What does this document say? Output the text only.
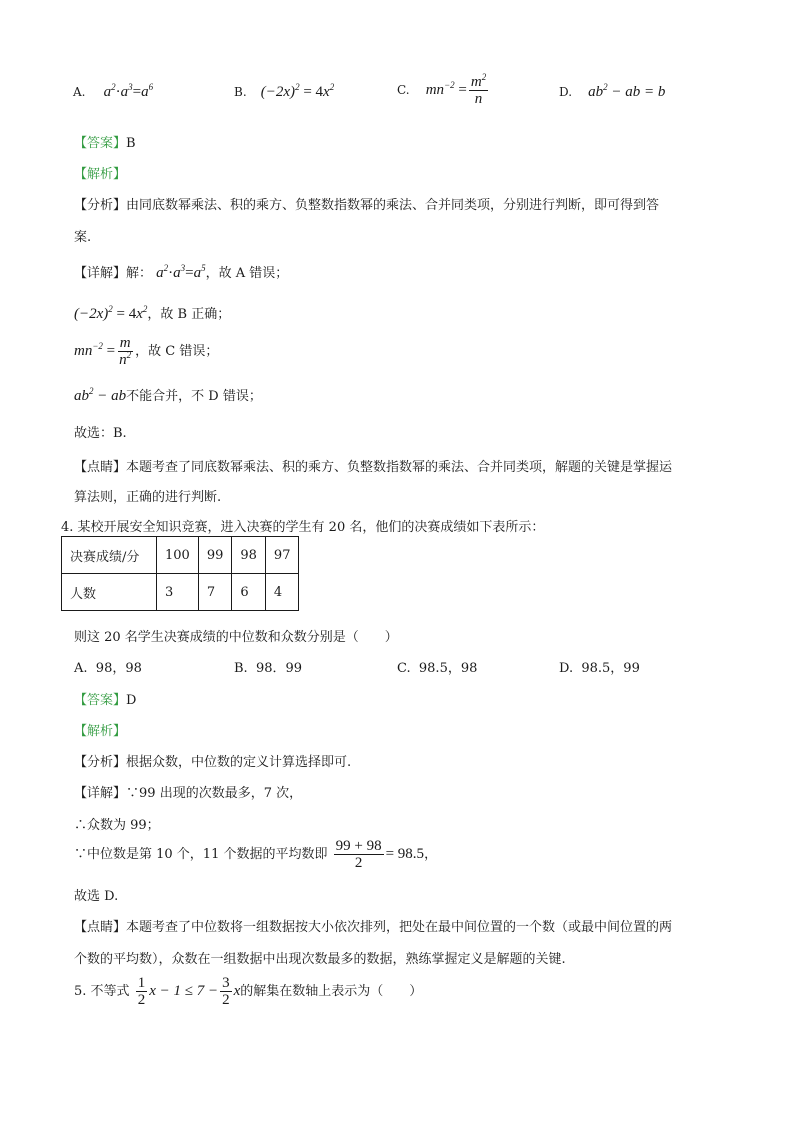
A. $a^2\cdot a^3=a^6$	B. $(-2x)^2 = 4x^2$	C. $mn^{-2} = \frac{m^2}{n}$	D. $ab^2$ − ab = b
【答案】B
【解析】
【分析】由同底数幂乘法、积的乘方、负整数指数幂的乘法、合并同类项，分别进行判断，即可得到答
案.
【详解】解： $a^2\cdot a^3=a^5$，故 A 错误；
$(-2x)^2 = 4x^2$，故 B 正确；
$mn^{-2} = \frac{m}{n^2}$ ，故 C 错误；
$ab^2$ − ab不能合并，不 D 错误；
故选：B.
【点睛】本题考查了同底数幂乘法、积的乘方、负整数指数幂的乘法、合并同类项，解题的关键是掌握运
算法则，正确的进行判断.
4. 某校开展安全知识竞赛，进入决赛的学生有 20 名，他们的决赛成绩如下表所示：
决赛成绩/分	100	99	98	97
人数	3	7	6	4
则这 20 名学生决赛成绩的中位数和众数分别是（　　）
A. 98，98	B. 98．99	C. 98.5，98	D. 98.5，99
【答案】D
【解析】
【分析】根据众数，中位数的定义计算选择即可.
【详解】∵99 出现的次数最多，7 次，
∴众数为 99；
∵中位数是第 10 个，11 个数据的平均数即 $\frac{99 + 98}{2} = 98.5$，
故选 D.
【点睛】本题考查了中位数将一组数据按大小依次排列，把处在最中间位置的一个数（或最中间位置的两
个数的平均数），众数在一组数据中出现次数最多的数据，熟练掌握定义是解题的关键.
5. 不等式 $\frac{1}{2}$ $x - 1 \le 7 - \frac{3}{2}$ x的解集在数轴上表示为（　　）
